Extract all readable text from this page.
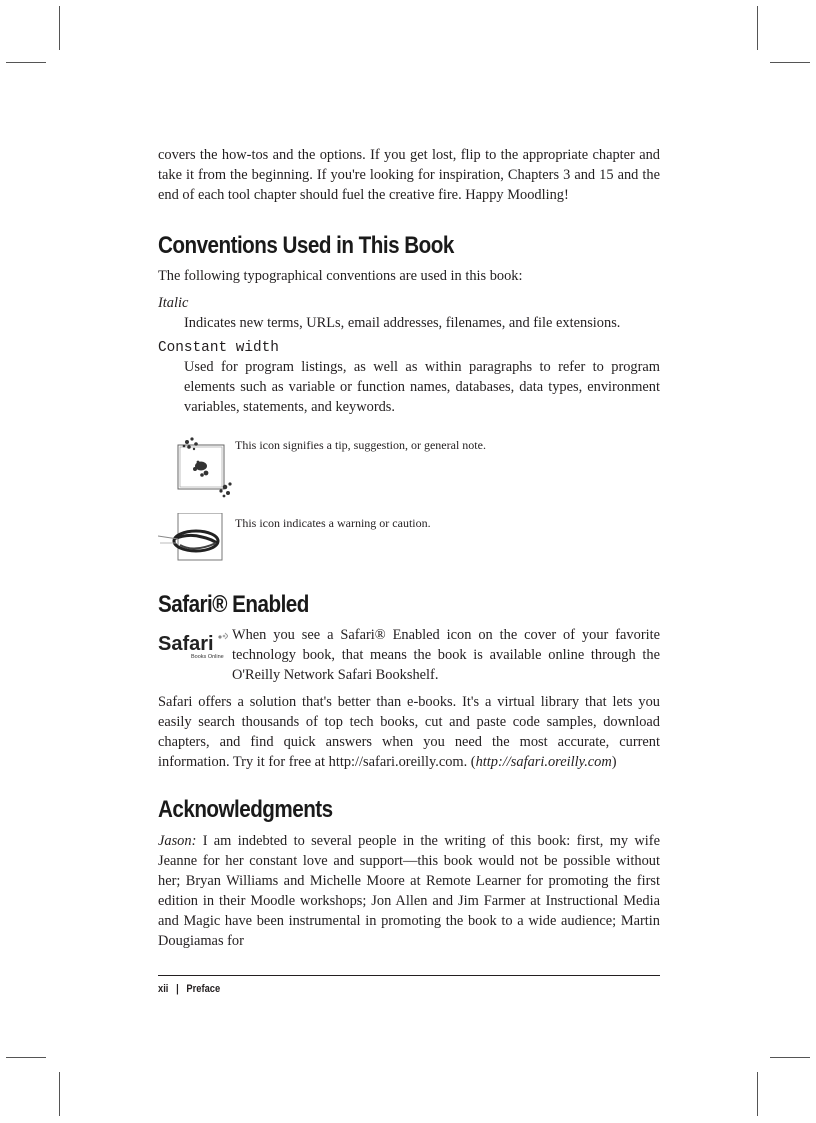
covers the how-tos and the options. If you get lost, flip to the appropriate chapter and take it from the beginning. If you're looking for inspiration, Chapters 3 and 15 and the end of each tool chapter should fuel the creative fire. Happy Moodling!

Conventions Used in This Book

The following typographical conventions are used in this book:

Italic

Indicates new terms, URLs, email addresses, filenames, and file extensions.

Constant width

Used for program listings, as well as within paragraphs to refer to program elements such as variable or function names, databases, data types, environment variables, statements, and keywords.

This icon signifies a tip, suggestion, or general note.
This icon indicates a warning or caution.
Safari® Enabled
Safari
Books Online

When you see a Safari® Enabled icon on the cover of your favorite technology book, that means the book is available online through the O'Reilly Network Safari Bookshelf.

Safari offers a solution that's better than e-books. It's a virtual library that lets you easily search thousands of top tech books, cut and paste code samples, download chapters, and find quick answers when you need the most accurate, current information. Try it for free at http://safari.oreilly.com. (http://safari.oreilly.com)

Acknowledgments

Jason: I am indebted to several people in the writing of this book: first, my wife Jeanne for her constant love and support—this book would not be possible without her; Bryan Williams and Michelle Moore at Remote Learner for promoting the first edition in their Moodle workshops; Jon Allen and Jim Farmer at Instructional Media and Magic have been instrumental in promoting the book to a wide audience; Martin Dougiamas for

xii | Preface
